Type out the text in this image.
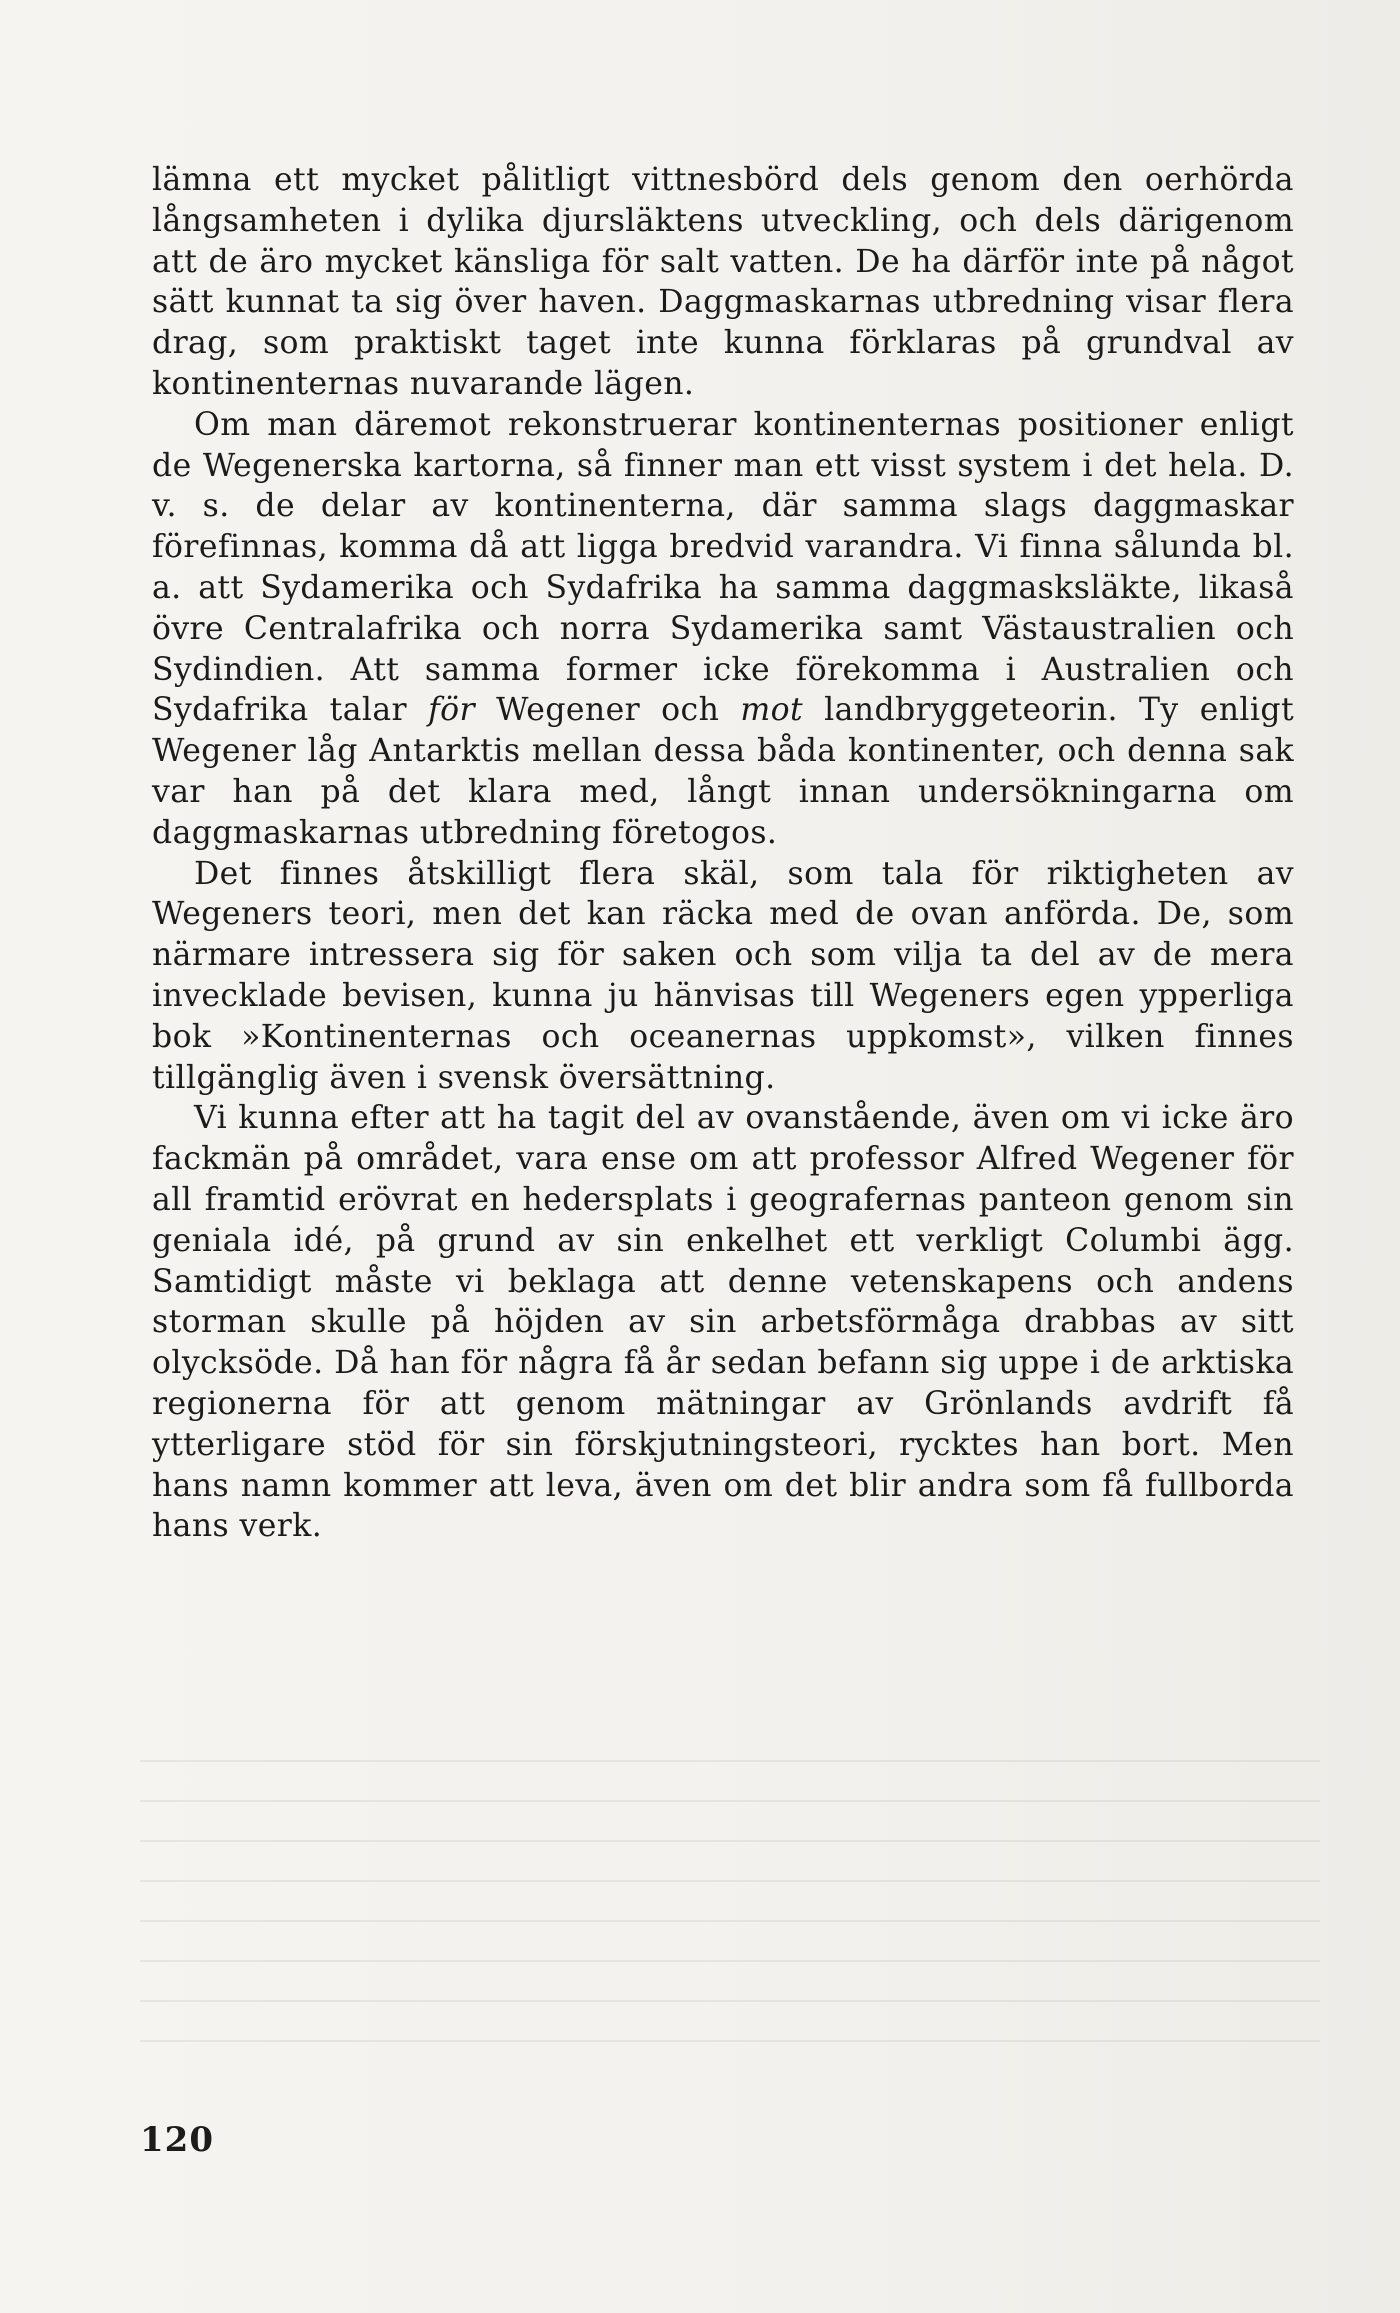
lämna ett mycket pålitligt vittnesbörd dels genom den oerhörda långsamheten i dylika djursläktens utveckling, och dels därigenom att de äro mycket känsliga för salt vatten. De ha därför inte på något sätt kunnat ta sig över haven. Daggmaskarnas utbredning visar flera drag, som praktiskt taget inte kunna förklaras på grundval av kontinenternas nuvarande lägen.

Om man däremot rekonstruerar kontinenternas positioner enligt de Wegenerska kartorna, så finner man ett visst system i det hela. D. v. s. de delar av kontinenterna, där samma slags daggmaskar förefinnas, komma då att ligga bredvid varandra. Vi finna sålunda bl. a. att Sydamerika och Sydafrika ha samma daggmasksläkte, likaså övre Centralafrika och norra Sydamerika samt Västaustralien och Sydindien. Att samma former icke förekomma i Australien och Sydafrika talar för Wegener och mot landbryggeteorin. Ty enligt Wegener låg Antarktis mellan dessa båda kontinenter, och denna sak var han på det klara med, långt innan undersökningarna om daggmaskarnas utbredning företogos.

Det finnes åtskilligt flera skäl, som tala för riktigheten av Wegeners teori, men det kan räcka med de ovan anförda. De, som närmare intressera sig för saken och som vilja ta del av de mera invecklade bevisen, kunna ju hänvisas till Wegeners egen ypperliga bok »Kontinenternas och oceanernas uppkomst», vilken finnes tillgänglig även i svensk översättning.

Vi kunna efter att ha tagit del av ovanstående, även om vi icke äro fackmän på området, vara ense om att professor Alfred Wegener för all framtid erövrat en hedersplats i geografernas panteon genom sin geniala idé, på grund av sin enkelhet ett verkligt Columbi ägg. Samtidigt måste vi beklaga att denne vetenskapens och andens storman skulle på höjden av sin arbetsförmåga drabbas av sitt olycksöde. Då han för några få år sedan befann sig uppe i de arktiska regionerna för att genom mätningar av Grönlands avdrift få ytterligare stöd för sin förskjutningsteori, rycktes han bort. Men hans namn kommer att leva, även om det blir andra som få fullborda hans verk.

120
